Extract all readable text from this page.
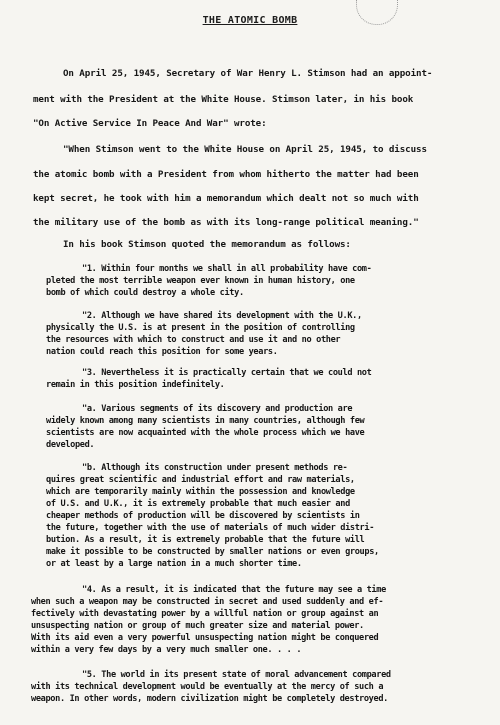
THE ATOMIC BOMB

On April 25, 1945, Secretary of War Henry L. Stimson had an appoint-

ment with the President at the White House. Stimson later, in his book

"On Active Service In Peace And War" wrote:

"When Stimson went to the White House on April 25, 1945, to discuss

the atomic bomb with a President from whom hitherto the matter had been

kept secret, he took with him a memorandum which dealt not so much with

the military use of the bomb as with its long-range political meaning."

In his book Stimson quoted the memorandum as follows:

"1. Within four months we shall in all probability have com-

pleted the most terrible weapon ever known in human history, one

bomb of which could destroy a whole city.

"2. Although we have shared its development with the U.K.,

physically the U.S. is at present in the position of controlling

the resources with which to construct and use it and no other

nation could reach this position for some years.

"3. Nevertheless it is practically certain that we could not

remain in this position indefinitely.

"a. Various segments of its discovery and production are

widely known among many scientists in many countries, although few

scientists are now acquainted with the whole process which we have

developed.

"b. Although its construction under present methods re-

quires great scientific and industrial effort and raw materials,

which are temporarily mainly within the possession and knowledge

of U.S. and U.K., it is extremely probable that much easier and

cheaper methods of production will be discovered by scientists in

the future, together with the use of materials of much wider distri-

bution. As a result, it is extremely probable that the future will

make it possible to be constructed by smaller nations or even groups,

or at least by a large nation in a much shorter time.

"4. As a result, it is indicated that the future may see a time

when such a weapon may be constructed in secret and used suddenly and ef-

fectively with devastating power by a willful nation or group against an

unsuspecting nation or group of much greater size and material power.

With its aid even a very powerful unsuspecting nation might be conquered

within a very few days by a very much smaller one. . . .

"5. The world in its present state of moral advancement compared

with its technical development would be eventually at the mercy of such a

weapon. In other words, modern civilization might be completely destroyed.
